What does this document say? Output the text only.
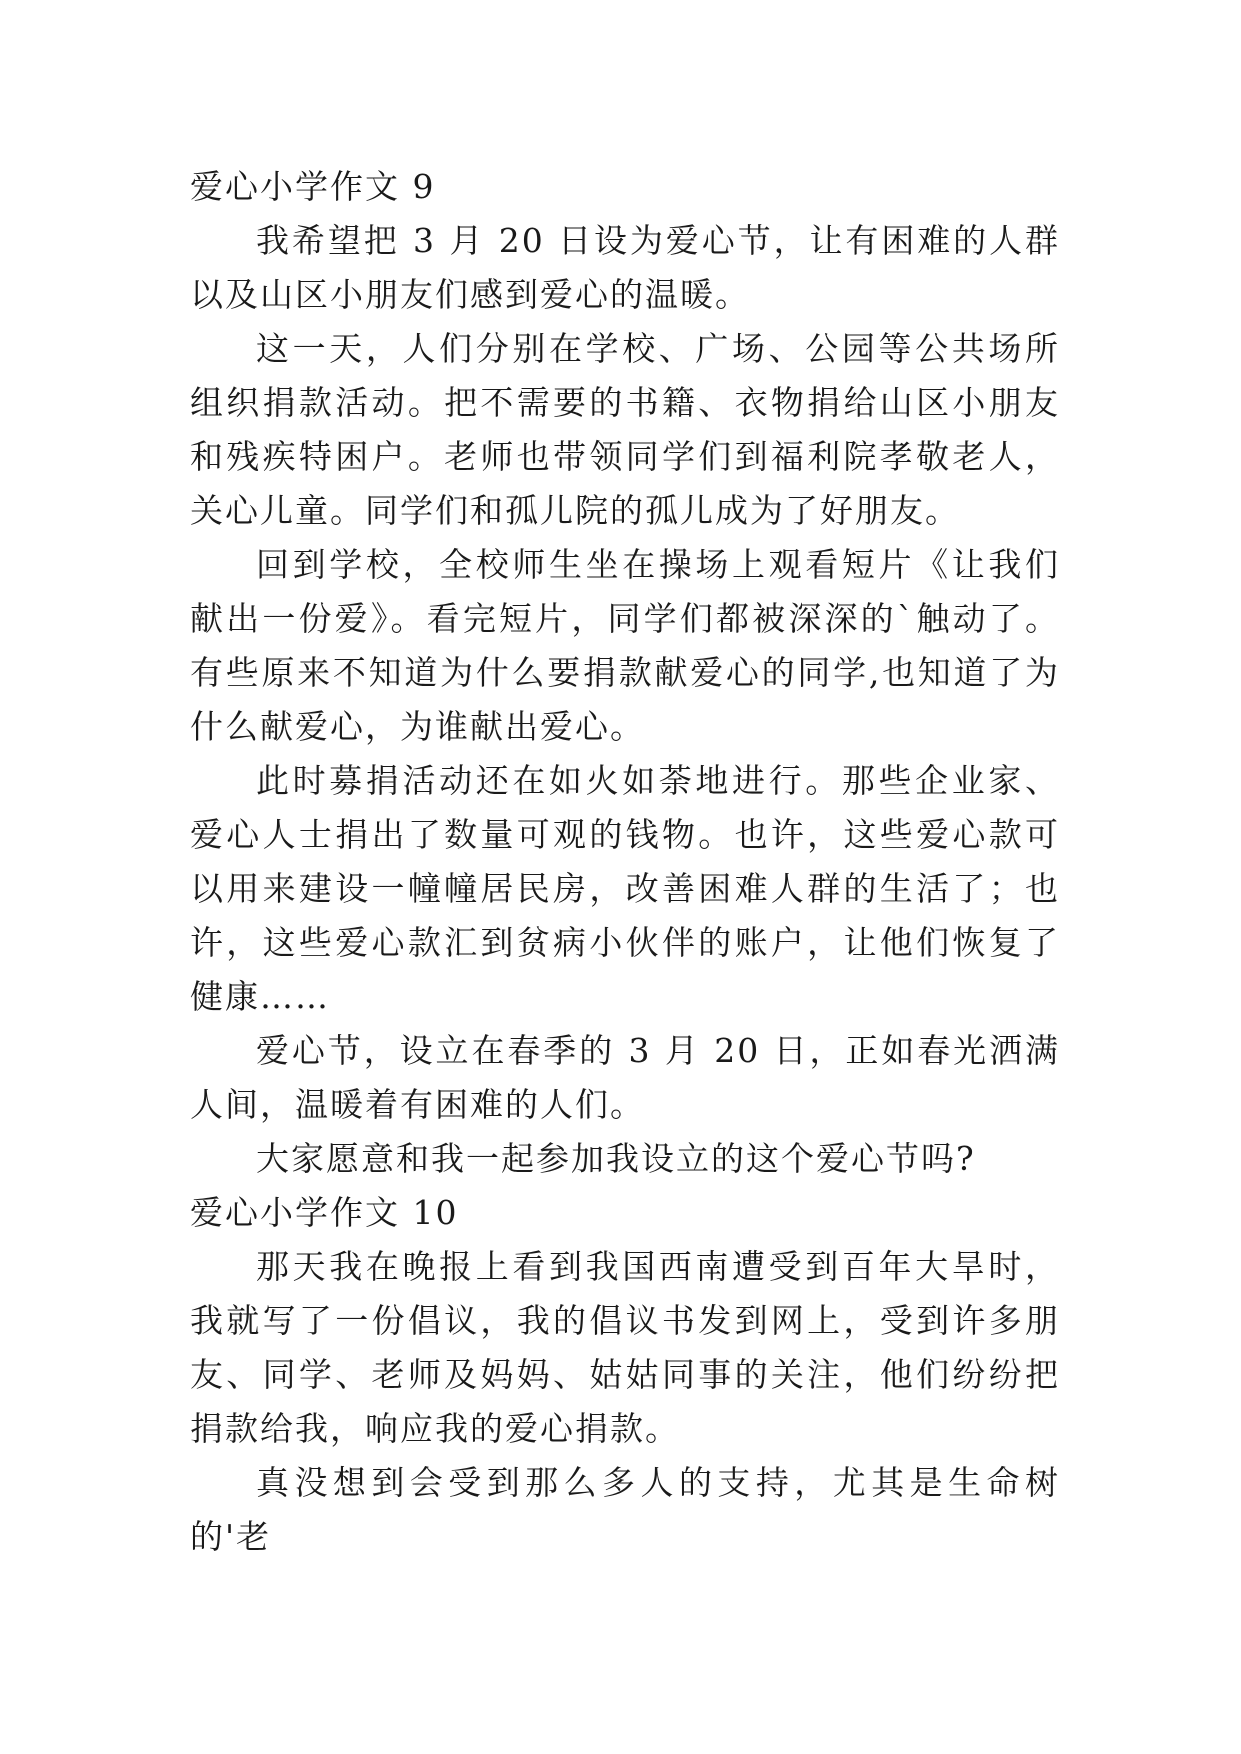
爱心小学作文 9

我希望把 3 月 20 日设为爱心节，让有困难的人群以及山区小朋友们感到爱心的温暖。

这一天，人们分别在学校、广场、公园等公共场所组织捐款活动。把不需要的书籍、衣物捐给山区小朋友和残疾特困户。老师也带领同学们到福利院孝敬老人，关心儿童。同学们和孤儿院的孤儿成为了好朋友。

回到学校，全校师生坐在操场上观看短片《让我们献出一份爱》。看完短片，同学们都被深深的`触动了。有些原来不知道为什么要捐款献爱心的同学,也知道了为什么献爱心，为谁献出爱心。

此时募捐活动还在如火如荼地进行。那些企业家、爱心人士捐出了数量可观的钱物。也许，这些爱心款可以用来建设一幢幢居民房，改善困难人群的生活了；也许，这些爱心款汇到贫病小伙伴的账户，让他们恢复了健康……

爱心节，设立在春季的 3 月 20 日，正如春光洒满人间，温暖着有困难的人们。

大家愿意和我一起参加我设立的这个爱心节吗?

爱心小学作文 10

那天我在晚报上看到我国西南遭受到百年大旱时，我就写了一份倡议，我的倡议书发到网上，受到许多朋友、同学、老师及妈妈、姑姑同事的关注，他们纷纷把捐款给我，响应我的爱心捐款。

真没想到会受到那么多人的支持，尤其是生命树的'老
